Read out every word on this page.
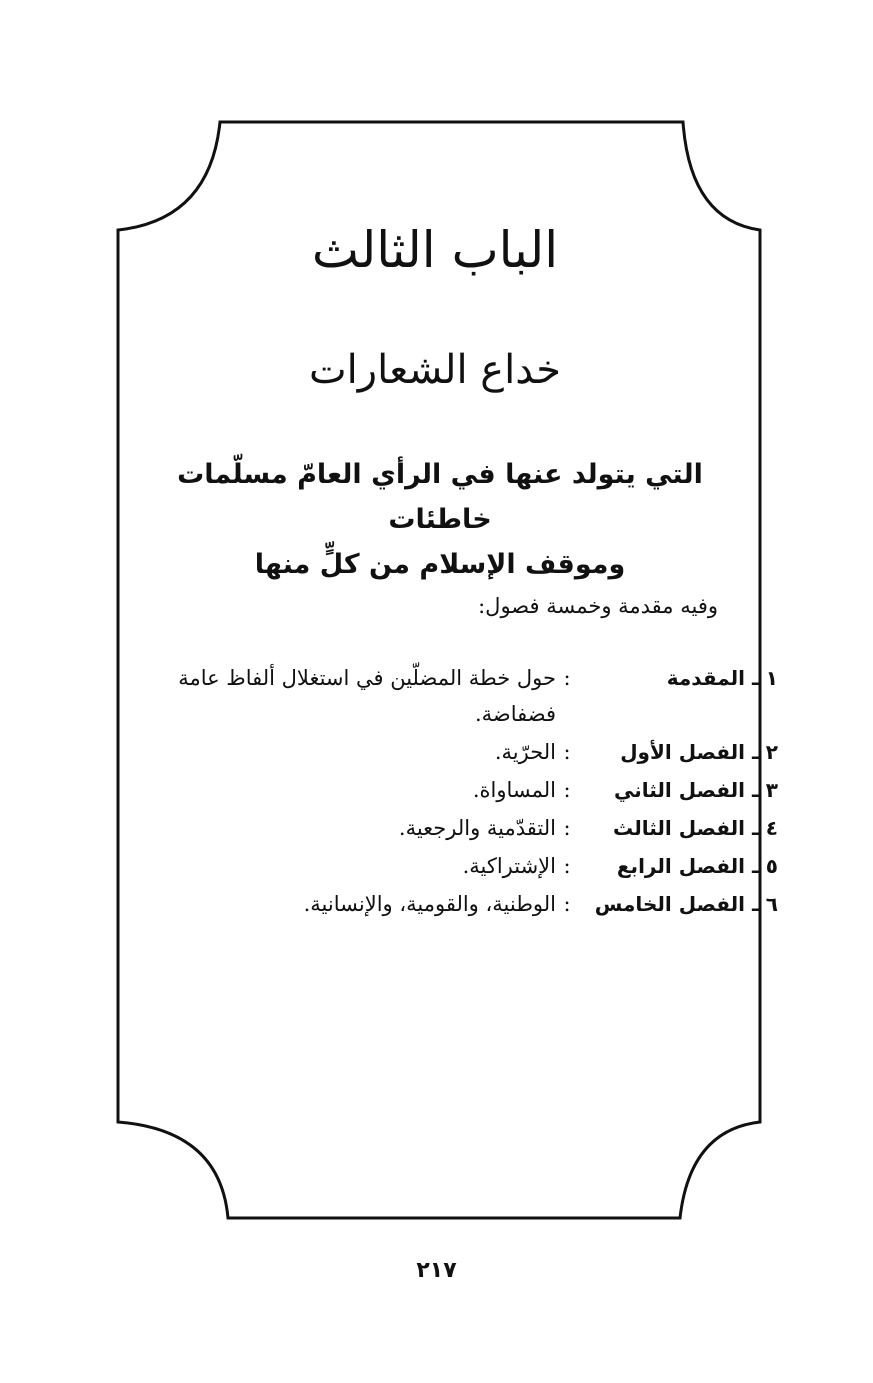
الباب الثالث
خداع الشعارات
التي يتولد عنها في الرأي العامّ مسلّمات خاطئات
وموقف الإسلام من كلٍّ منها
وفيه مقدمة وخمسة فصول:
١ ـ المقدمة
:
حول خطة المضلّين في استغلال ألفاظ عامة فضفاضة.
٢ ـ الفصل الأول
:
الحرّية.
٣ ـ الفصل الثاني
:
المساواة.
٤ ـ الفصل الثالث
:
التقدّمية والرجعية.
٥ ـ الفصل الرابع
:
الإشتراكية.
٦ ـ الفصل الخامس
:
الوطنية، والقومية، والإنسانية.
٢١٧
